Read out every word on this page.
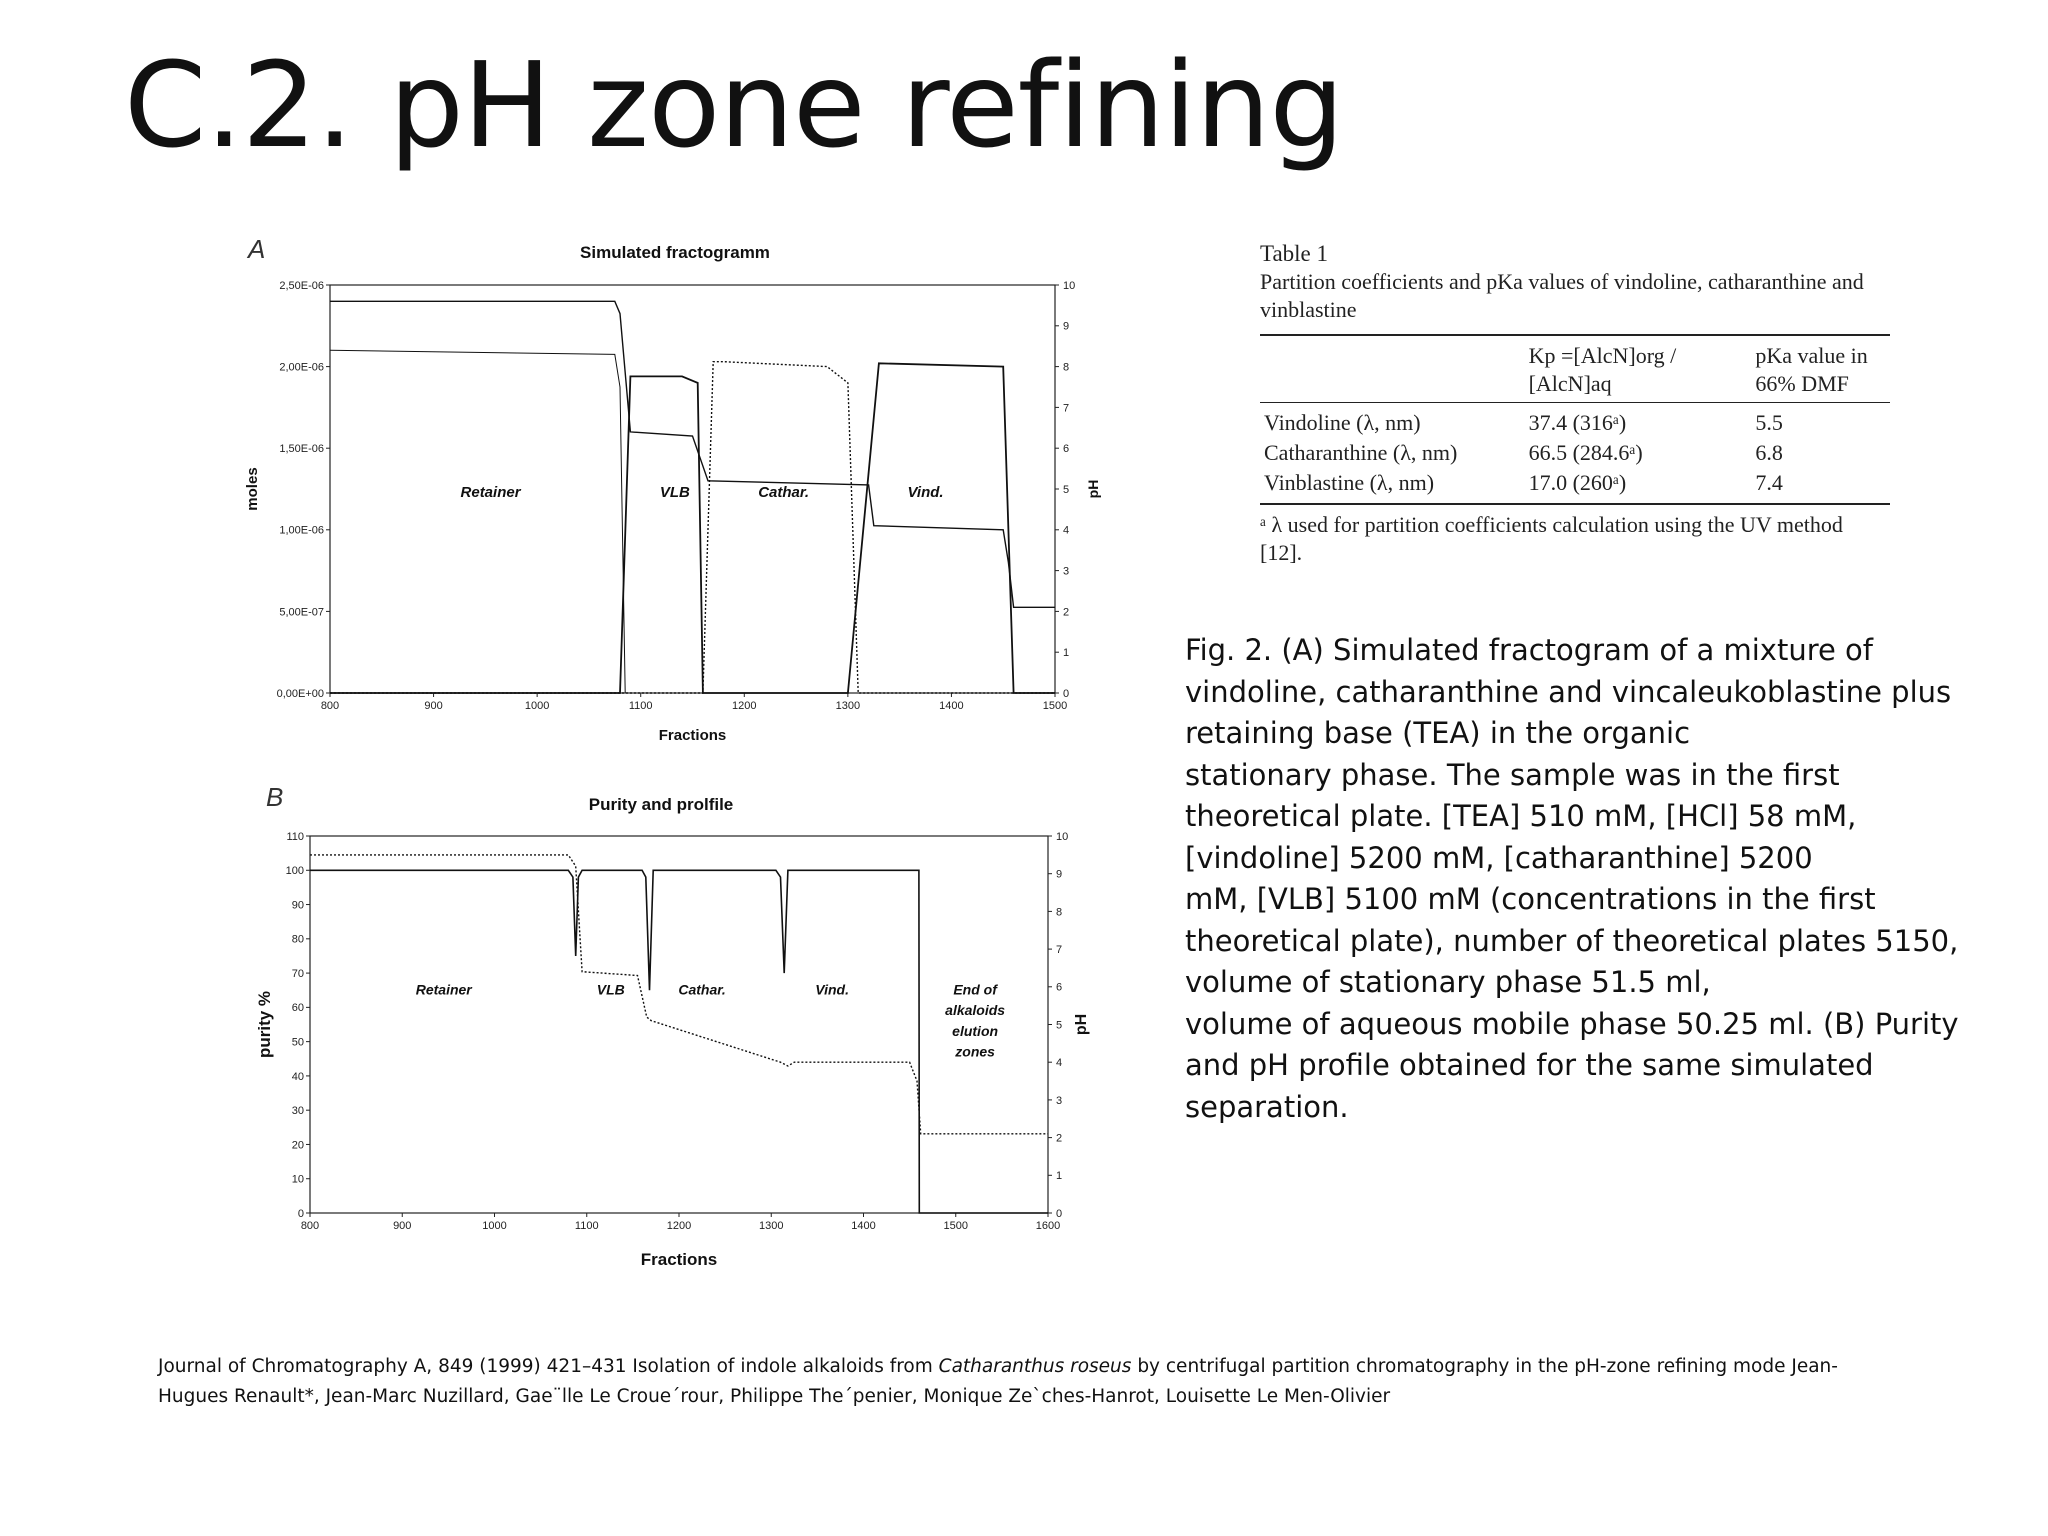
C.2. pH zone refining
800	900	1000	1100	1200	1300	1400	1500
0,00E+00
5,00E-07
1,00E-06
1,50E-06
2,00E-06
2,50E-06
0
1
2
3
4
5
6
7
8
9
10
Simulated fractogramm
A
Fractions
moles	pH
Retainer	VLB	Cathar.	Vind.
800	900	1000	1100	1200	1300	1400	1500	1600
0
10
20
30
40
50
60
70
80
90
100
110
0
1
2
3
4
5
6
7
8
9
10
Purity and prolfile
B
Fractions
purity %	pH
Retainer	VLB	Cathar.	Vind.	End of
alkaloids
elution
zones
Table 1
Partition coefficients and pKa values of vindoline, catharanthine and vinblastine
	Kp =[AlcN]org / [AlcN]aq	pKa value in 66% DMF
Vindoline (λ, nm)	37.4 (316ᵃ)	5.5
Catharanthine (λ, nm)	66.5 (284.6ᵃ)	6.8
Vinblastine (λ, nm)	17.0 (260ᵃ)	7.4
ᵃ λ used for partition coefficients calculation using the UV method [12].

Fig. 2. (A) Simulated fractogram of a mixture of
vindoline, catharanthine and vincaleukoblastine plus
retaining base (TEA) in the organic
stationary phase. The sample was in the first
theoretical plate. [TEA] 510 mM, [HCl] 58 mM,
[vindoline] 5200 mM, [catharanthine] 5200
mM, [VLB] 5100 mM (concentrations in the first
theoretical plate), number of theoretical plates 5150,
volume of stationary phase 51.5 ml,
volume of aqueous mobile phase 50.25 ml. (B) Purity
and pH profile obtained for the same simulated
separation.

Journal of Chromatography A, 849 (1999) 421–431 Isolation of indole alkaloids from Catharanthus roseus by centrifugal partition chromatography in the pH-zone refining mode Jean-
Hugues Renault*, Jean-Marc Nuzillard, Gae¨lle Le Croue´rour, Philippe The´penier, Monique Ze`ches-Hanrot, Louisette Le Men-Olivier
